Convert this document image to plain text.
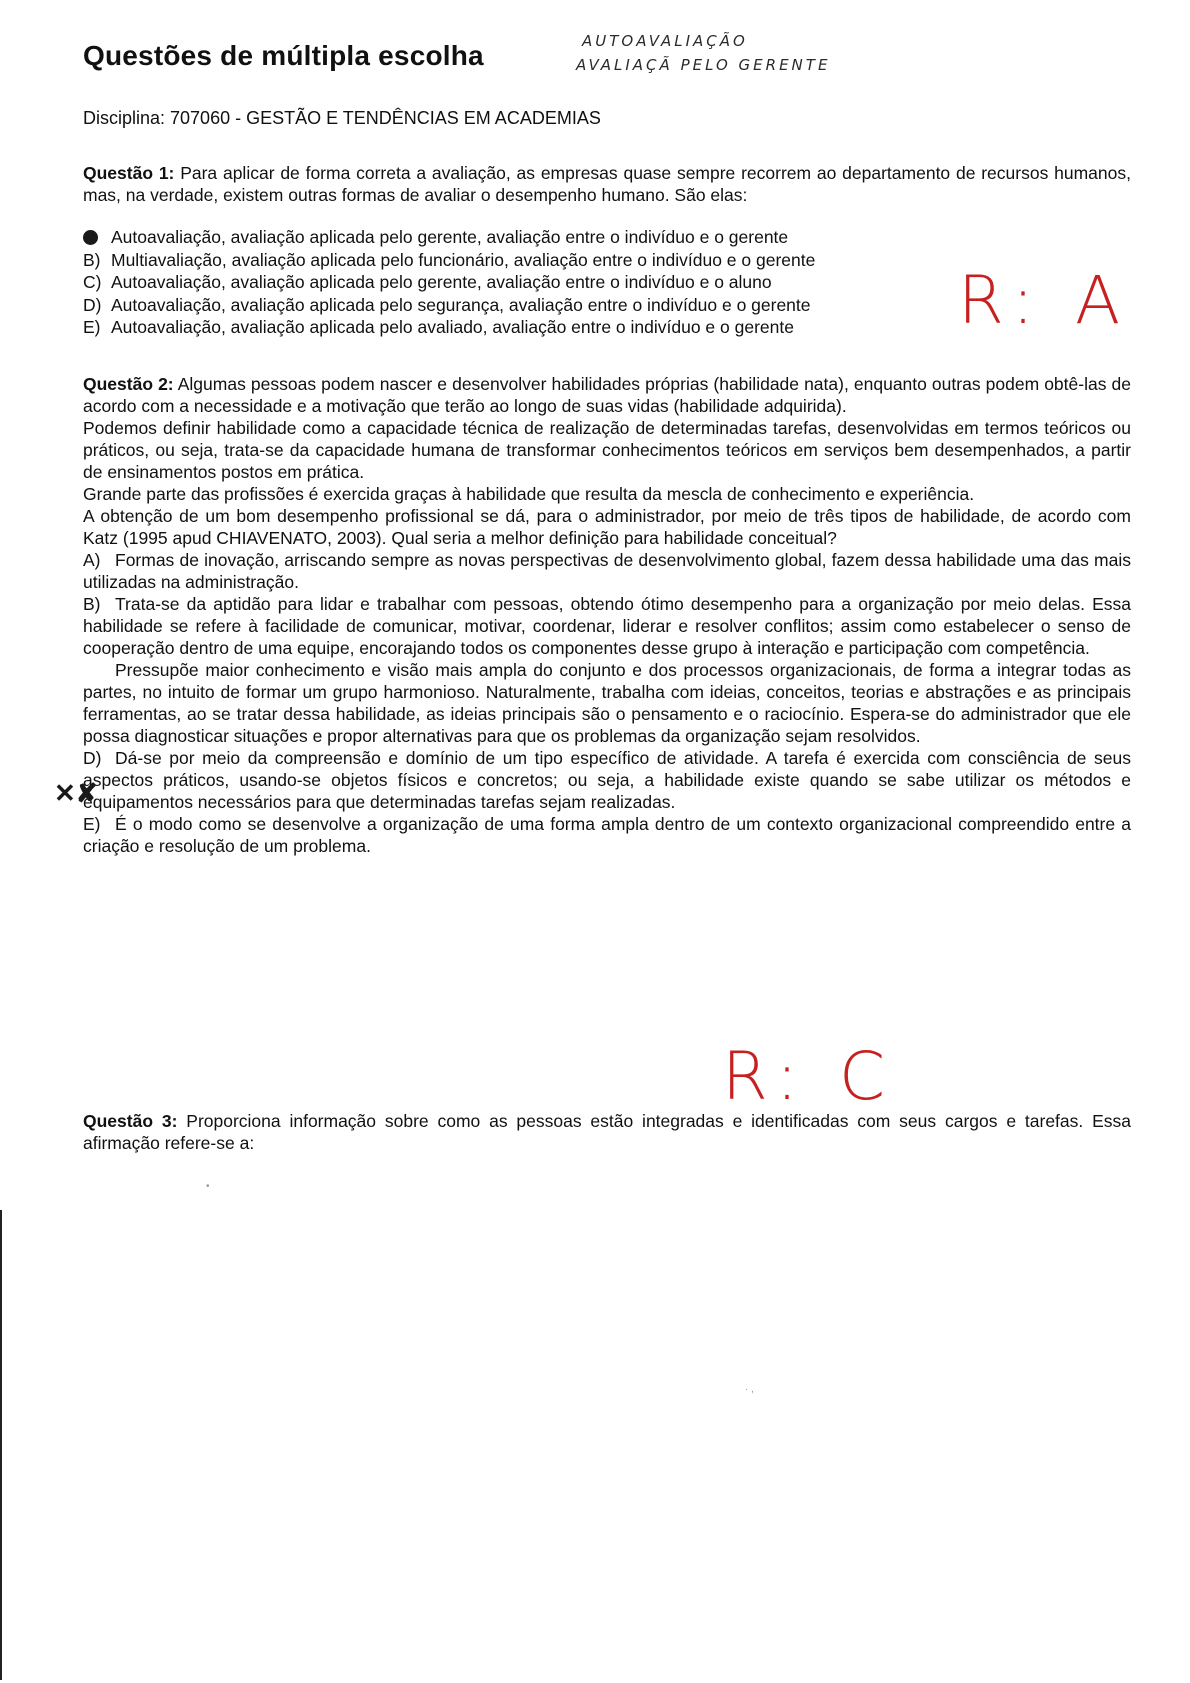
Questões de múltipla escolha	AUTOAVALIAÇÃO
AVALIAÇÃ PELO GERENTE
Disciplina: 707060 - GESTÃO E TENDÊNCIAS EM ACADEMIAS

Questão 1: Para aplicar de forma correta a avaliação, as empresas quase sempre recorrem ao departamento de recursos humanos, mas, na verdade, existem outras formas de avaliar o desempenho humano. São elas:

Autoavaliação, avaliação aplicada pelo gerente, avaliação entre o indivíduo e o gerente
B) Multiavaliação, avaliação aplicada pelo funcionário, avaliação entre o indivíduo e o gerente
C) Autoavaliação, avaliação aplicada pelo gerente, avaliação entre o indivíduo e o aluno
D) Autoavaliação, avaliação aplicada pelo segurança, avaliação entre o indivíduo e o gerente
E) Autoavaliação, avaliação aplicada pelo avaliado, avaliação entre o indivíduo e o gerente	R: A

Questão 2: Algumas pessoas podem nascer e desenvolver habilidades próprias (habilidade nata), enquanto outras podem obtê-las de acordo com a necessidade e a motivação que terão ao longo de suas vidas (habilidade adquirida).

Podemos definir habilidade como a capacidade técnica de realização de determinadas tarefas, desenvolvidas em termos teóricos ou práticos, ou seja, trata-se da capacidade humana de transformar conhecimentos teóricos em serviços bem desempenhados, a partir de ensinamentos postos em prática.

Grande parte das profissões é exercida graças à habilidade que resulta da mescla de conhecimento e experiência.

A obtenção de um bom desempenho profissional se dá, para o administrador, por meio de três tipos de habilidade, de acordo com Katz (1995 apud CHIAVENATO, 2003). Qual seria a melhor definição para habilidade conceitual?

A) Formas de inovação, arriscando sempre as novas perspectivas de desenvolvimento global, fazem dessa habilidade uma das mais utilizadas na administração.

B) Trata-se da aptidão para lidar e trabalhar com pessoas, obtendo ótimo desempenho para a organização por meio delas. Essa habilidade se refere à facilidade de comunicar, motivar, coordenar, liderar e resolver conflitos; assim como estabelecer o senso de cooperação dentro de uma equipe, encorajando todos os componentes desse grupo à interação e participação com competência.

Pressupõe maior conhecimento e visão mais ampla do conjunto e dos processos organizacionais, de forma a integrar todas as partes, no intuito de formar um grupo harmonioso. Naturalmente, trabalha com ideias, conceitos, teorias e abstrações e as principais ferramentas, ao se tratar dessa habilidade, as ideias principais são o pensamento e o raciocínio. Espera-se do administrador que ele possa diagnosticar situações e propor alternativas para que os problemas da organização sejam resolvidos.

D) Dá-se por meio da compreensão e domínio de um tipo específico de atividade. A tarefa é exercida com consciência de seus aspectos práticos, usando-se objetos físicos e concretos; ou seja, a habilidade existe quando se sabe utilizar os métodos e equipamentos necessários para que determinadas tarefas sejam realizadas.

E) É o modo como se desenvolve a organização de uma forma ampla dentro de um contexto organizacional compreendido entre a criação e resolução de um problema.

✕✘
R: C

Questão 3: Proporciona informação sobre como as pessoas estão integradas e identificadas com seus cargos e tarefas. Essa afirmação refere-se a:

•
· ,
